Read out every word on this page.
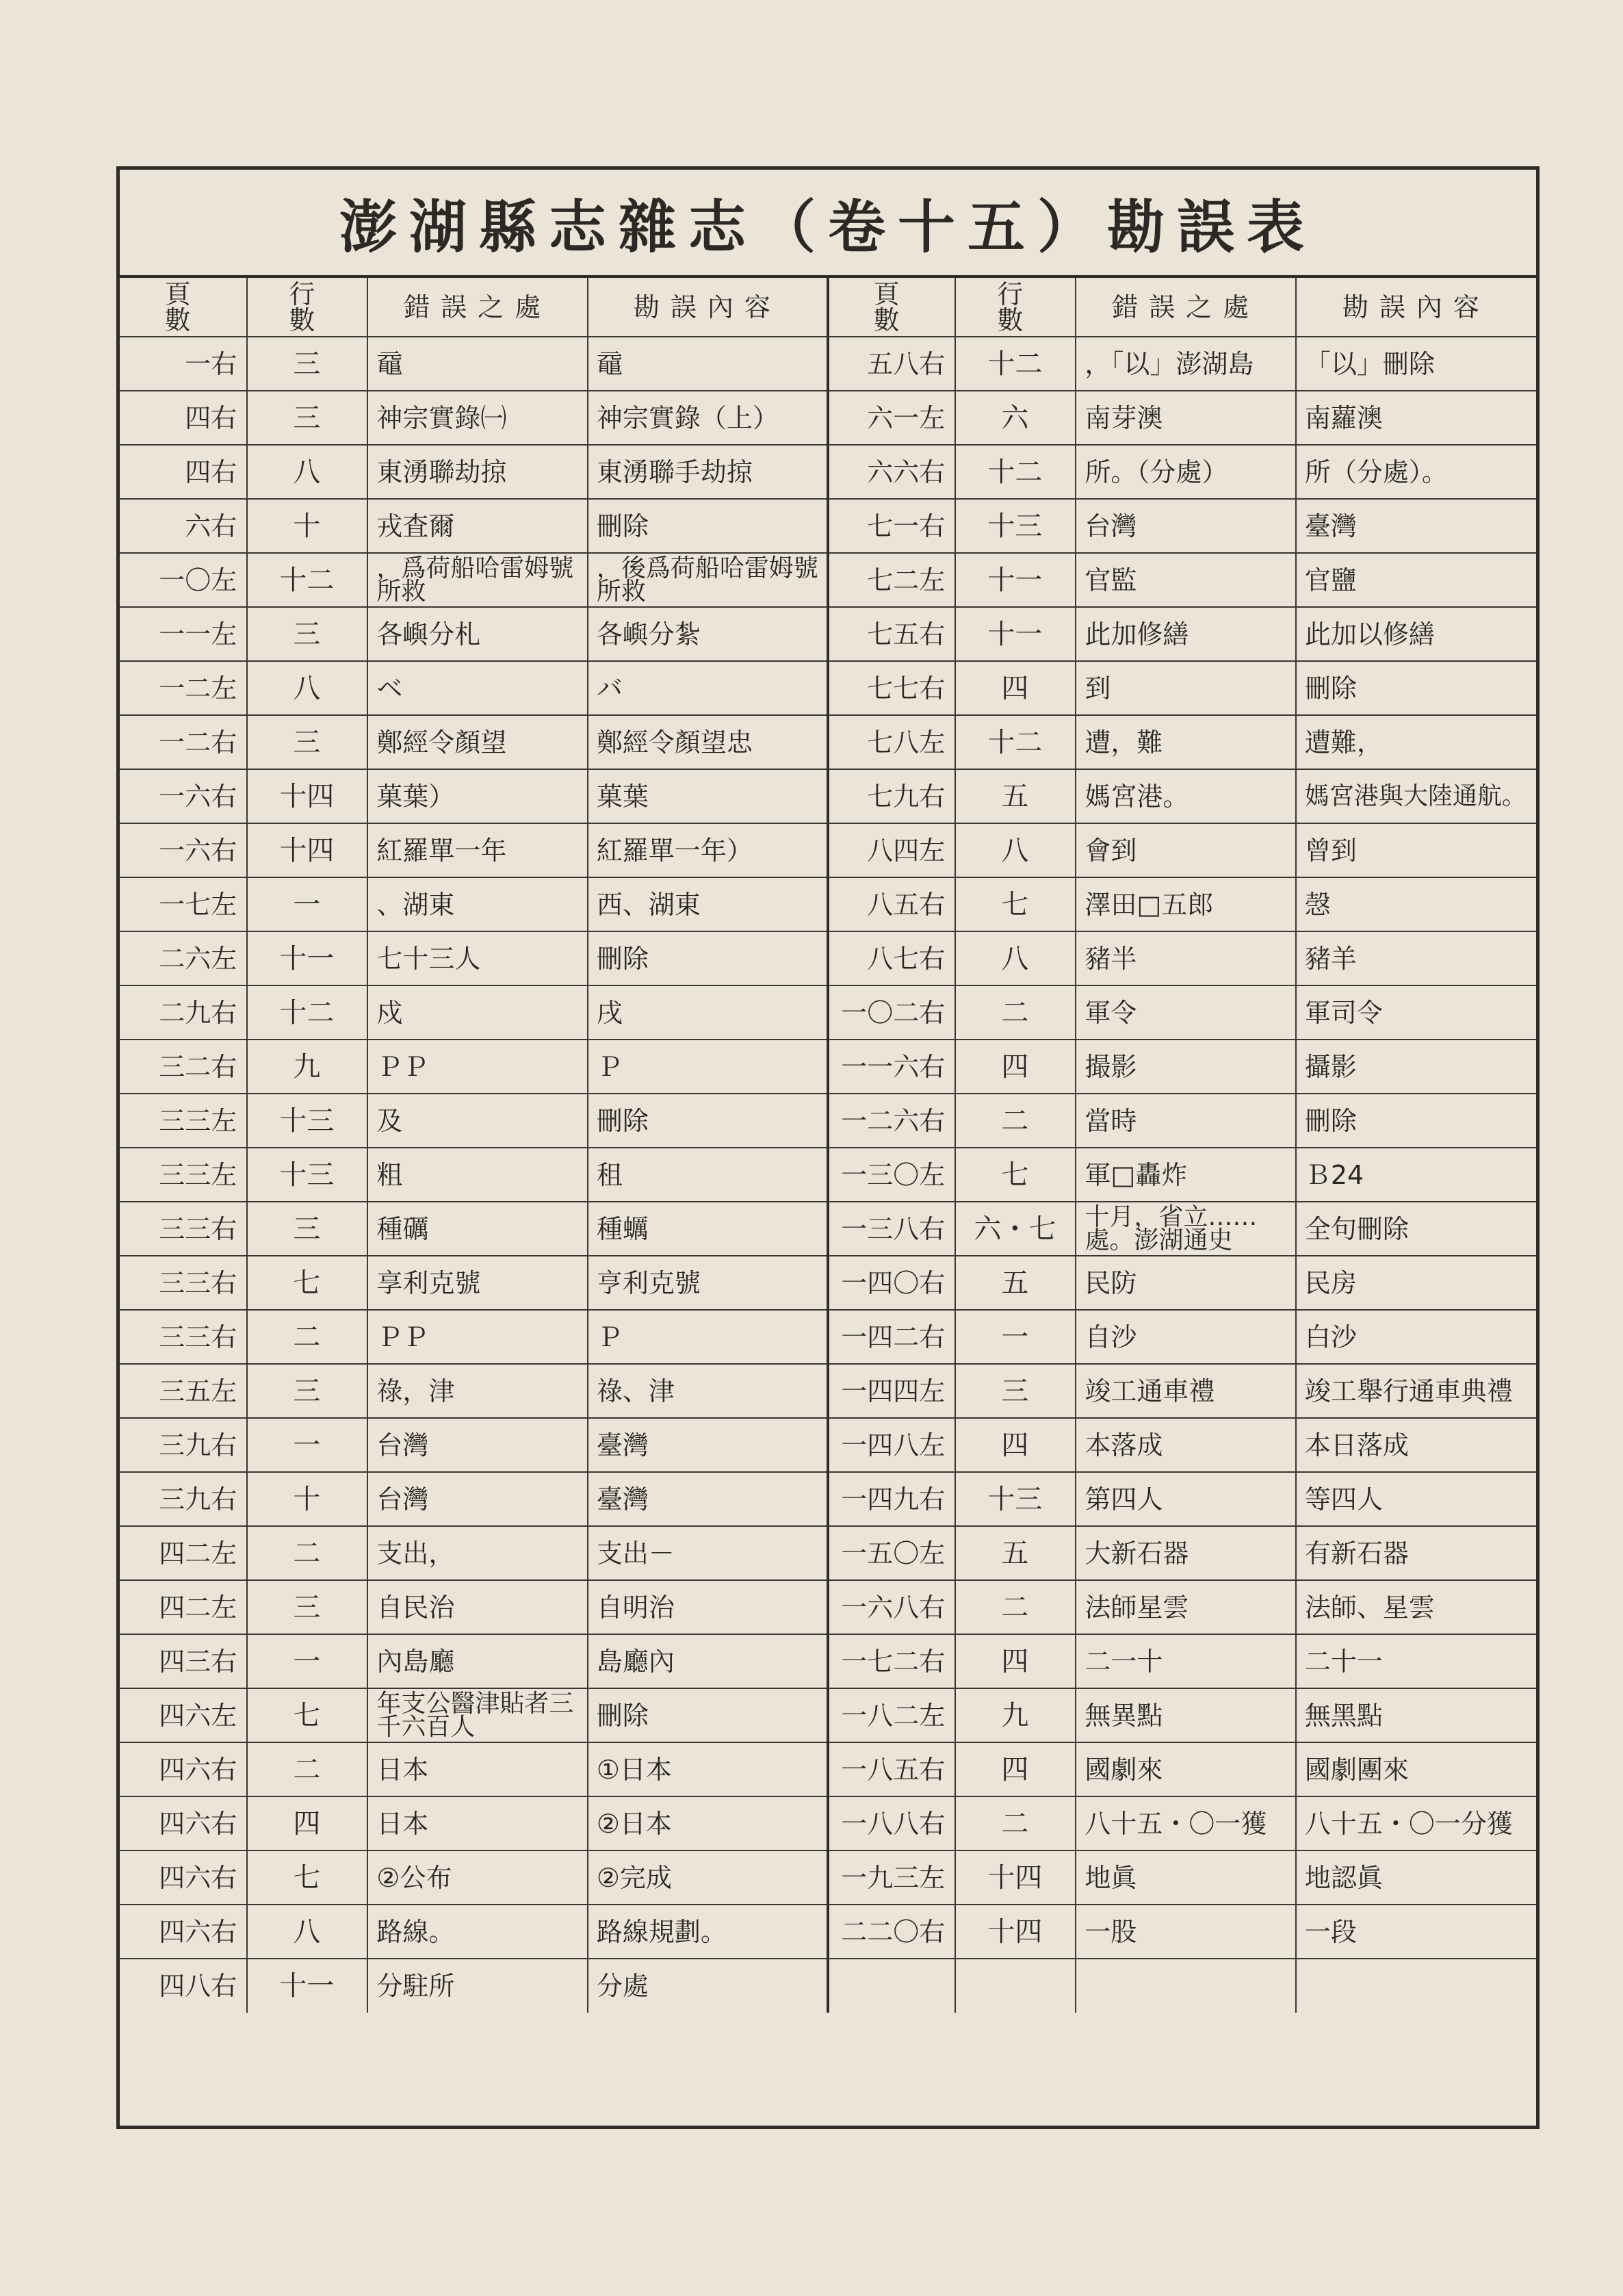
澎湖縣志雜志（卷十五）勘誤表
頁　數	行　數	錯誤之處	勘誤內容	頁　數	行　數	錯誤之處	勘誤內容
一右	三	黿	黿	五八右	十二	，「以」澎湖島	「以」刪除
四右	三	神宗實錄㈠	神宗實錄（上）	六一左	六	南芽澳	南蘿澳
四右	八	東湧聯劫掠	東湧聯手劫掠	六六右	十二	所。（分處）	所（分處）。
六右	十	戎査爾	刪除	七一右	十三	台灣	臺灣
一〇左	十二	，爲荷船哈雷姆號所救	，後爲荷船哈雷姆號所救	七二左	十一	官監	官鹽
一一左	三	各嶼分札	各嶼分紮	七五右	十一	此加修繕	此加以修繕
一二左	八	ベ	バ	七七右	四	到	刪除
一二右	三	鄭經令顏望	鄭經令顏望忠	七八左	十二	遭，難	遭難，
一六右	十四	菓葉）	菓葉	七九右	五	媽宮港。	媽宮港與大陸通航。
一六右	十四	紅羅單一年	紅羅單一年）	八四左	八	會到	曾到
一七左	一	、湖東	西、湖東	八五右	七	澤田□五郎	愨
二六左	十一	七十三人	刪除	八七右	八	豬半	豬羊
二九右	十二	戍	戌	一〇二右	二	軍令	軍司令
三二右	九	ＰＰ	Ｐ	一一六右	四	撮影	攝影
三三左	十三	及	刪除	一二六右	二	當時	刪除
三三左	十三	粗	租	一三〇左	七	軍□轟炸	Ｂ24
三三右	三	種礪	種蠣	一三八右	六・七	十月，省立……處。澎湖通史	全句刪除
三三右	七	享利克號	亨利克號	一四〇右	五	民防	民房
三三右	二	ＰＰ	Ｐ	一四二右	一	自沙	白沙
三五左	三	祿，津	祿、津	一四四左	三	竣工通車禮	竣工舉行通車典禮
三九右	一	台灣	臺灣	一四八左	四	本落成	本日落成
三九右	十	台灣	臺灣	一四九右	十三	第四人	等四人
四二左	二	支出，	支出－	一五〇左	五	大新石器	有新石器
四二左	三	自民治	自明治	一六八右	二	法師星雲	法師、星雲
四三右	一	內島廳	島廳內	一七二右	四	二一十	二十一
四六左	七	年支公醫津貼者三千六百人	刪除	一八二左	九	無異點	無黑點
四六右	二	日本	①日本	一八五右	四	國劇來	國劇團來
四六右	四	日本	②日本	一八八右	二	八十五・〇一獲	八十五・〇一分獲
四六右	七	②公布	②完成	一九三左	十四	地眞	地認眞
四六右	八	路線。	路線規劃。	二二〇右	十四	一股	一段
四八右	十一	分駐所	分處				
